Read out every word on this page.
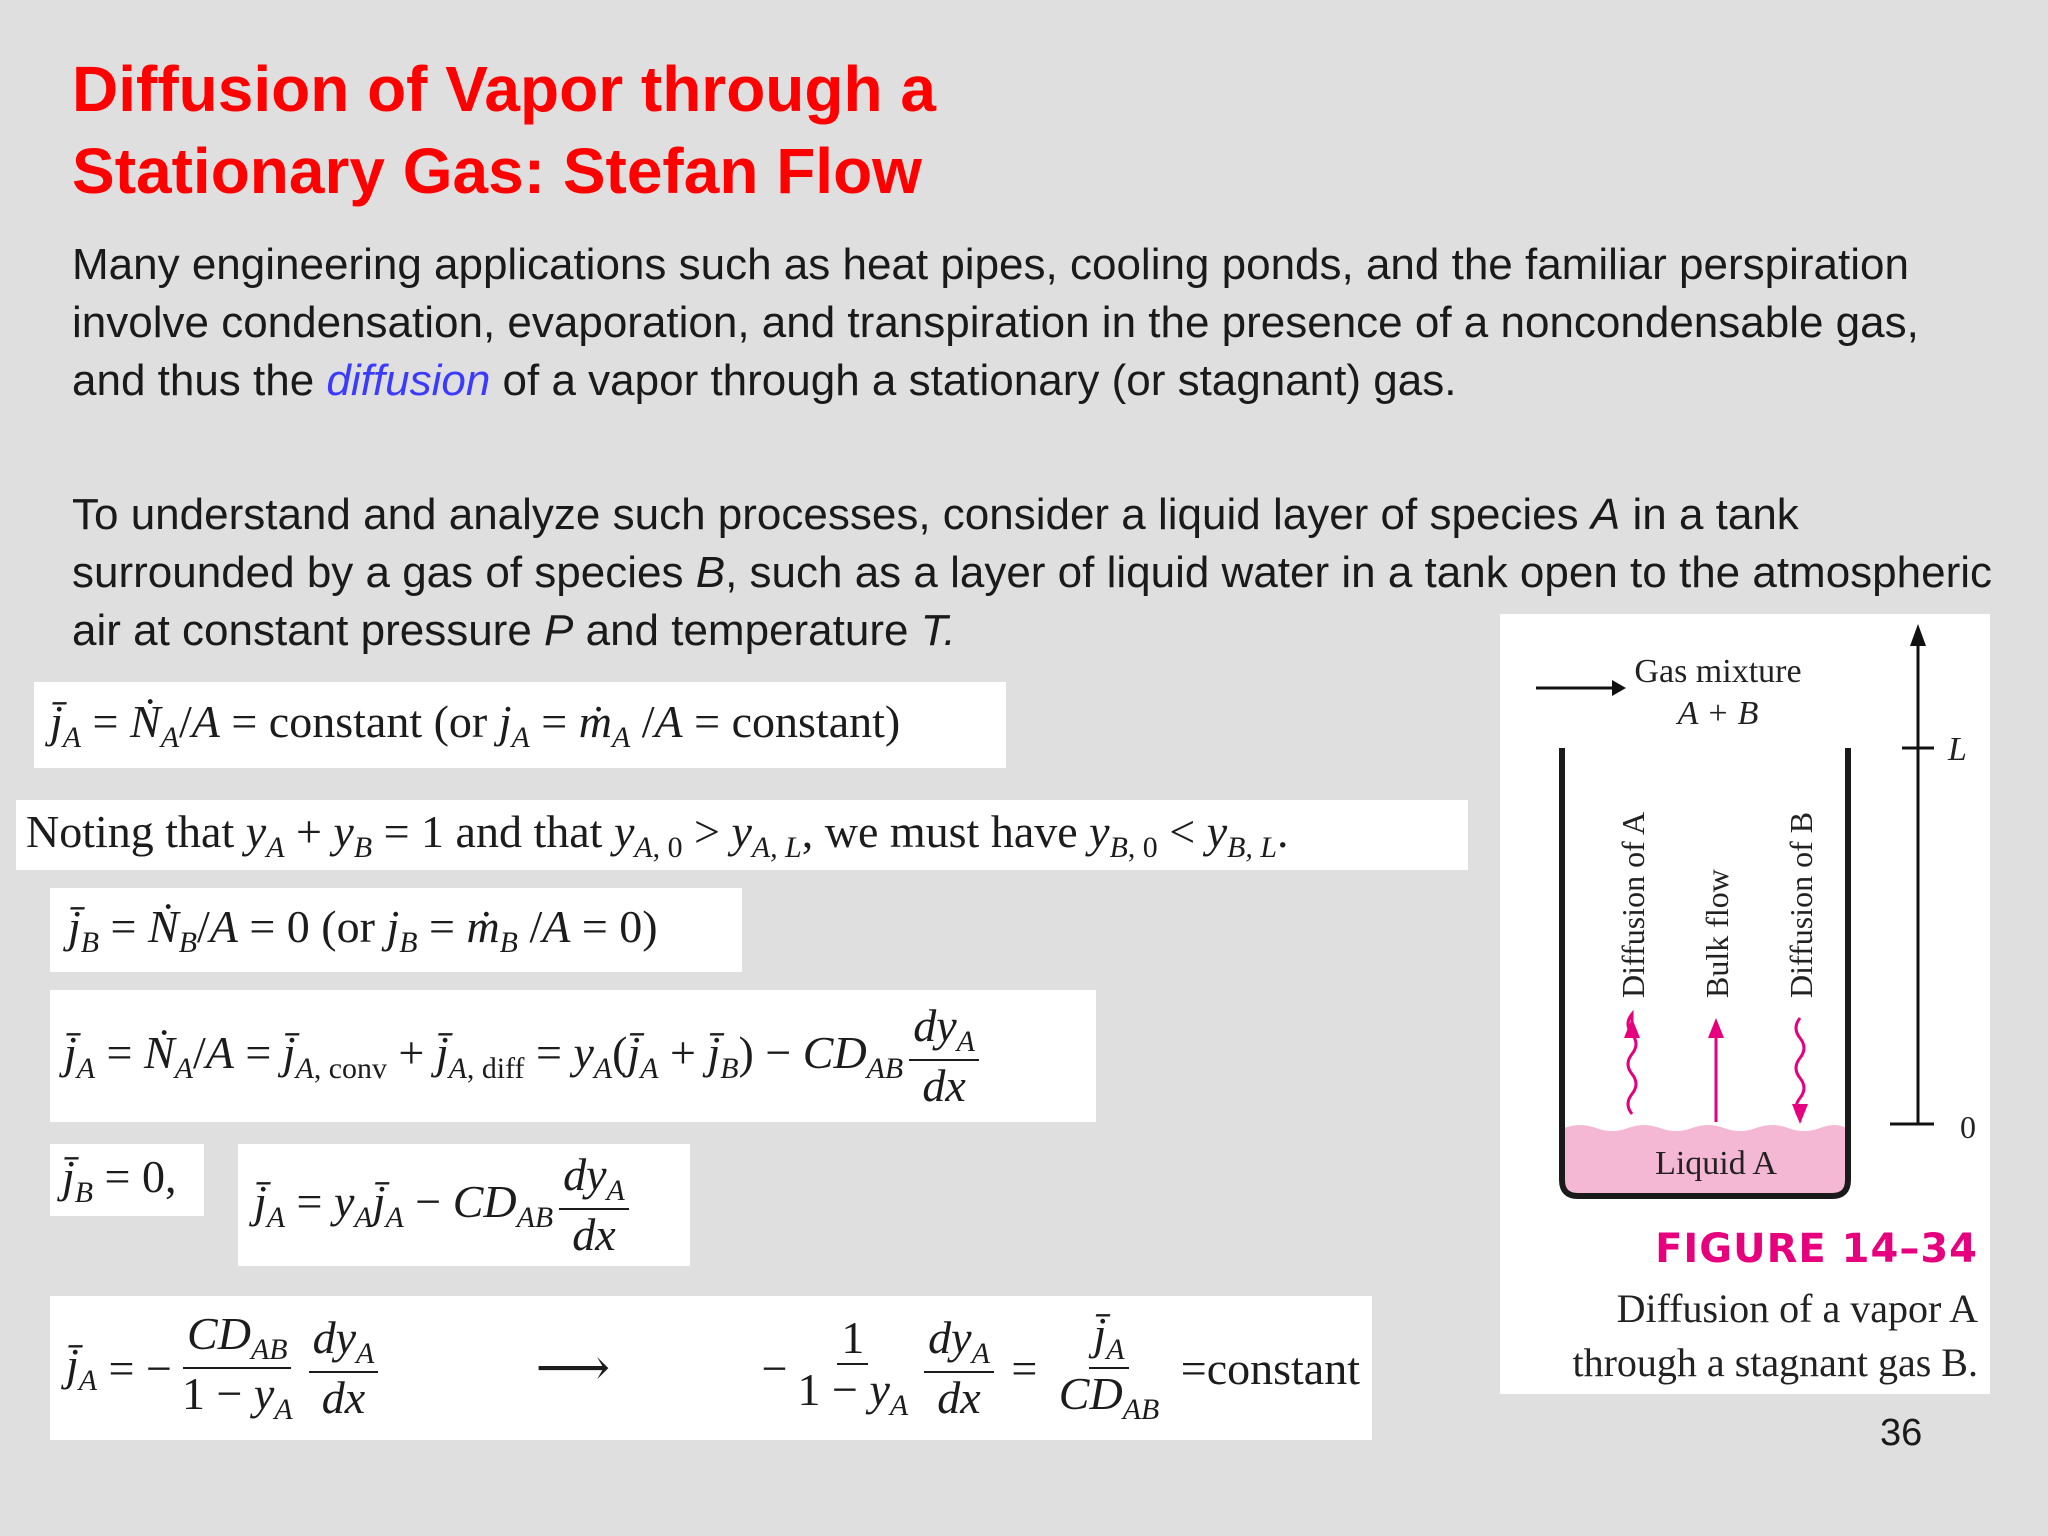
Diffusion of Vapor through a
Stationary Gas: Stefan Flow

Many engineering applications such as heat pipes, cooling ponds, and the familiar perspiration involve condensation, evaporation, and transpiration in the presence of a noncondensable gas, and thus the diffusion of a vapor through a stationary (or stagnant) gas.

To understand and analyze such processes, consider a liquid layer of species A in a tank surrounded by a gas of species B, such as a layer of liquid water in a tank open to the atmospheric air at constant pressure P and temperature T.

$j̄_A$ = Ṅ$_A$/A = constant (or $j_A$ = ṁ$_A$ /A = constant)
Noting that $y_A + y_B = 1$ and that $y_{A, 0} > y_{A, L}$, we must have $y_{B, 0} < y_{B, L}$.
$j̄_B$ = Ṅ$_B$/A = 0 (or $j_B$ = ṁ$_B$ /A = 0)
$j̄_A$ = Ṅ$_A$/A = $j̄_{A, conv}$ + $j̄_{A, diff}$ = $y_A(j̄_A$ + $j̄_B) - CD_{AB} \frac{dy_A}{dx}$
$j̄_B = 0$, $j̄_A$ = $y_Aj̄_A - CD_{AB} \frac{dy_A}{dx}$
$j̄_A$ = − $\frac{CD_{AB}}{1 - y_A} \frac{dy_A}{dx}$	⟶	− $\frac{1}{1 - y_A} \frac{dy_A}{dx} = \frac{j̄_A}{CD_{AB}}$ = constant
Gas mixture
A + B
L
0
Liquid A
Diffusion of A Bulk flow Diffusion of B
FIGURE 14–34
Diffusion of a vapor A
through a stagnant gas B.
36
